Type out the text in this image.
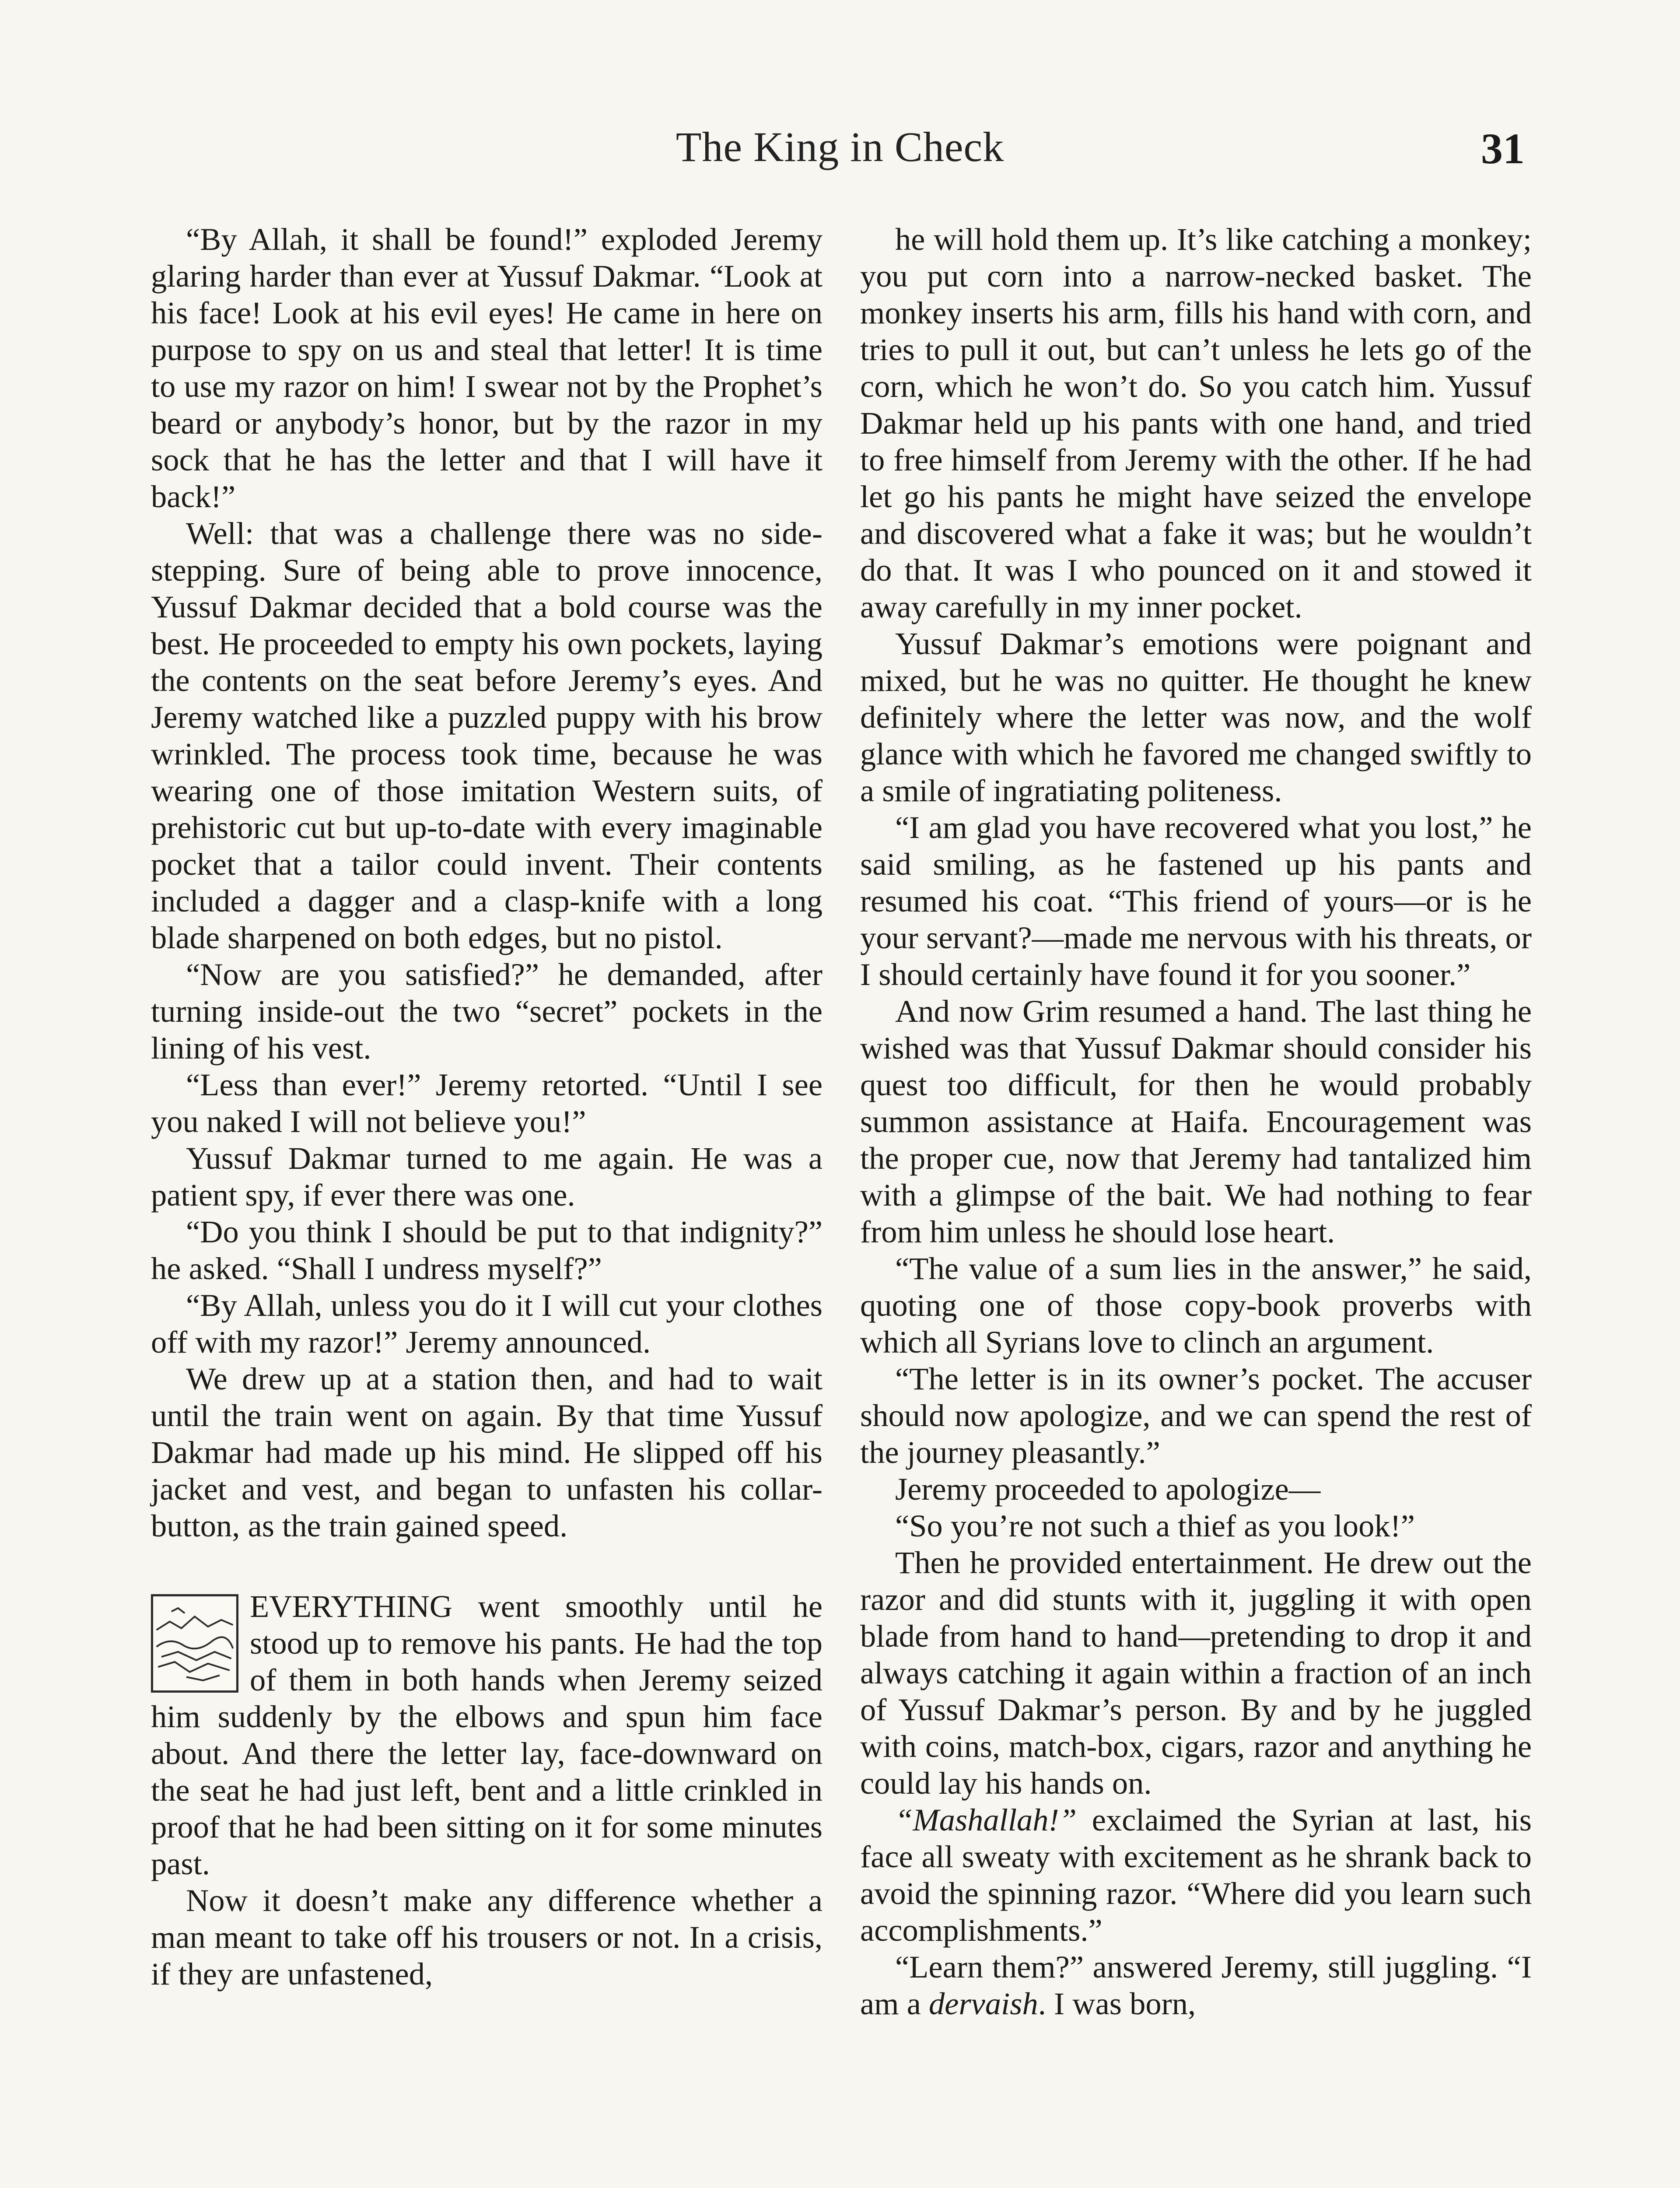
The King in Check	31

“By Allah, it shall be found!” exploded Jeremy glaring harder than ever at Yussuf Dakmar. “Look at his face! Look at his evil eyes! He came in here on purpose to spy on us and steal that letter! It is time to use my razor on him! I swear not by the Prophet’s beard or anybody’s honor, but by the razor in my sock that he has the letter and that I will have it back!”

Well: that was a challenge there was no side-stepping. Sure of being able to prove innocence, Yussuf Dakmar decided that a bold course was the best. He proceeded to empty his own pockets, laying the contents on the seat before Jeremy’s eyes. And Jeremy watched like a puzzled puppy with his brow wrinkled. The process took time, because he was wearing one of those imitation Western suits, of prehistoric cut but up-to-date with every imaginable pocket that a tailor could invent. Their contents included a dagger and a clasp-knife with a long blade sharpened on both edges, but no pistol.

“Now are you satisfied?” he demanded, after turning inside-out the two “secret” pockets in the lining of his vest.

“Less than ever!” Jeremy retorted. “Until I see you naked I will not believe you!”

Yussuf Dakmar turned to me again. He was a patient spy, if ever there was one.

“Do you think I should be put to that indignity?” he asked. “Shall I undress myself?”

“By Allah, unless you do it I will cut your clothes off with my razor!” Jeremy announced.

We drew up at a station then, and had to wait until the train went on again. By that time Yussuf Dakmar had made up his mind. He slipped off his jacket and vest, and began to unfasten his collar-button, as the train gained speed.

EVERYTHING went smoothly until he stood up to remove his pants. He had the top of them in both hands when Jeremy seized him suddenly by the elbows and spun him face about. And there the letter lay, face-downward on the seat he had just left, bent and a little crinkled in proof that he had been sitting on it for some minutes past.

Now it doesn’t make any difference whether a man meant to take off his trousers or not. In a crisis, if they are unfastened,

he will hold them up. It’s like catching a monkey; you put corn into a narrow-necked basket. The monkey inserts his arm, fills his hand with corn, and tries to pull it out, but can’t unless he lets go of the corn, which he won’t do. So you catch him. Yussuf Dakmar held up his pants with one hand, and tried to free himself from Jeremy with the other. If he had let go his pants he might have seized the envelope and discovered what a fake it was; but he wouldn’t do that. It was I who pounced on it and stowed it away carefully in my inner pocket.

Yussuf Dakmar’s emotions were poignant and mixed, but he was no quitter. He thought he knew definitely where the letter was now, and the wolf glance with which he favored me changed swiftly to a smile of ingratiating politeness.

“I am glad you have recovered what you lost,” he said smiling, as he fastened up his pants and resumed his coat. “This friend of yours—or is he your servant?—made me nervous with his threats, or I should certainly have found it for you sooner.”

And now Grim resumed a hand. The last thing he wished was that Yussuf Dakmar should consider his quest too difficult, for then he would probably summon assistance at Haifa. Encouragement was the proper cue, now that Jeremy had tantalized him with a glimpse of the bait. We had nothing to fear from him unless he should lose heart.

“The value of a sum lies in the answer,” he said, quoting one of those copy-book proverbs with which all Syrians love to clinch an argument.

“The letter is in its owner’s pocket. The accuser should now apologize, and we can spend the rest of the journey pleasantly.”

Jeremy proceeded to apologize—

“So you’re not such a thief as you look!”

Then he provided entertainment. He drew out the razor and did stunts with it, juggling it with open blade from hand to hand—pretending to drop it and always catching it again within a fraction of an inch of Yussuf Dakmar’s person. By and by he juggled with coins, match-box, cigars, razor and anything he could lay his hands on.

“Mashallah!” exclaimed the Syrian at last, his face all sweaty with excitement as he shrank back to avoid the spinning razor. “Where did you learn such accomplishments.”

“Learn them?” answered Jeremy, still juggling. “I am a dervaish. I was born,
